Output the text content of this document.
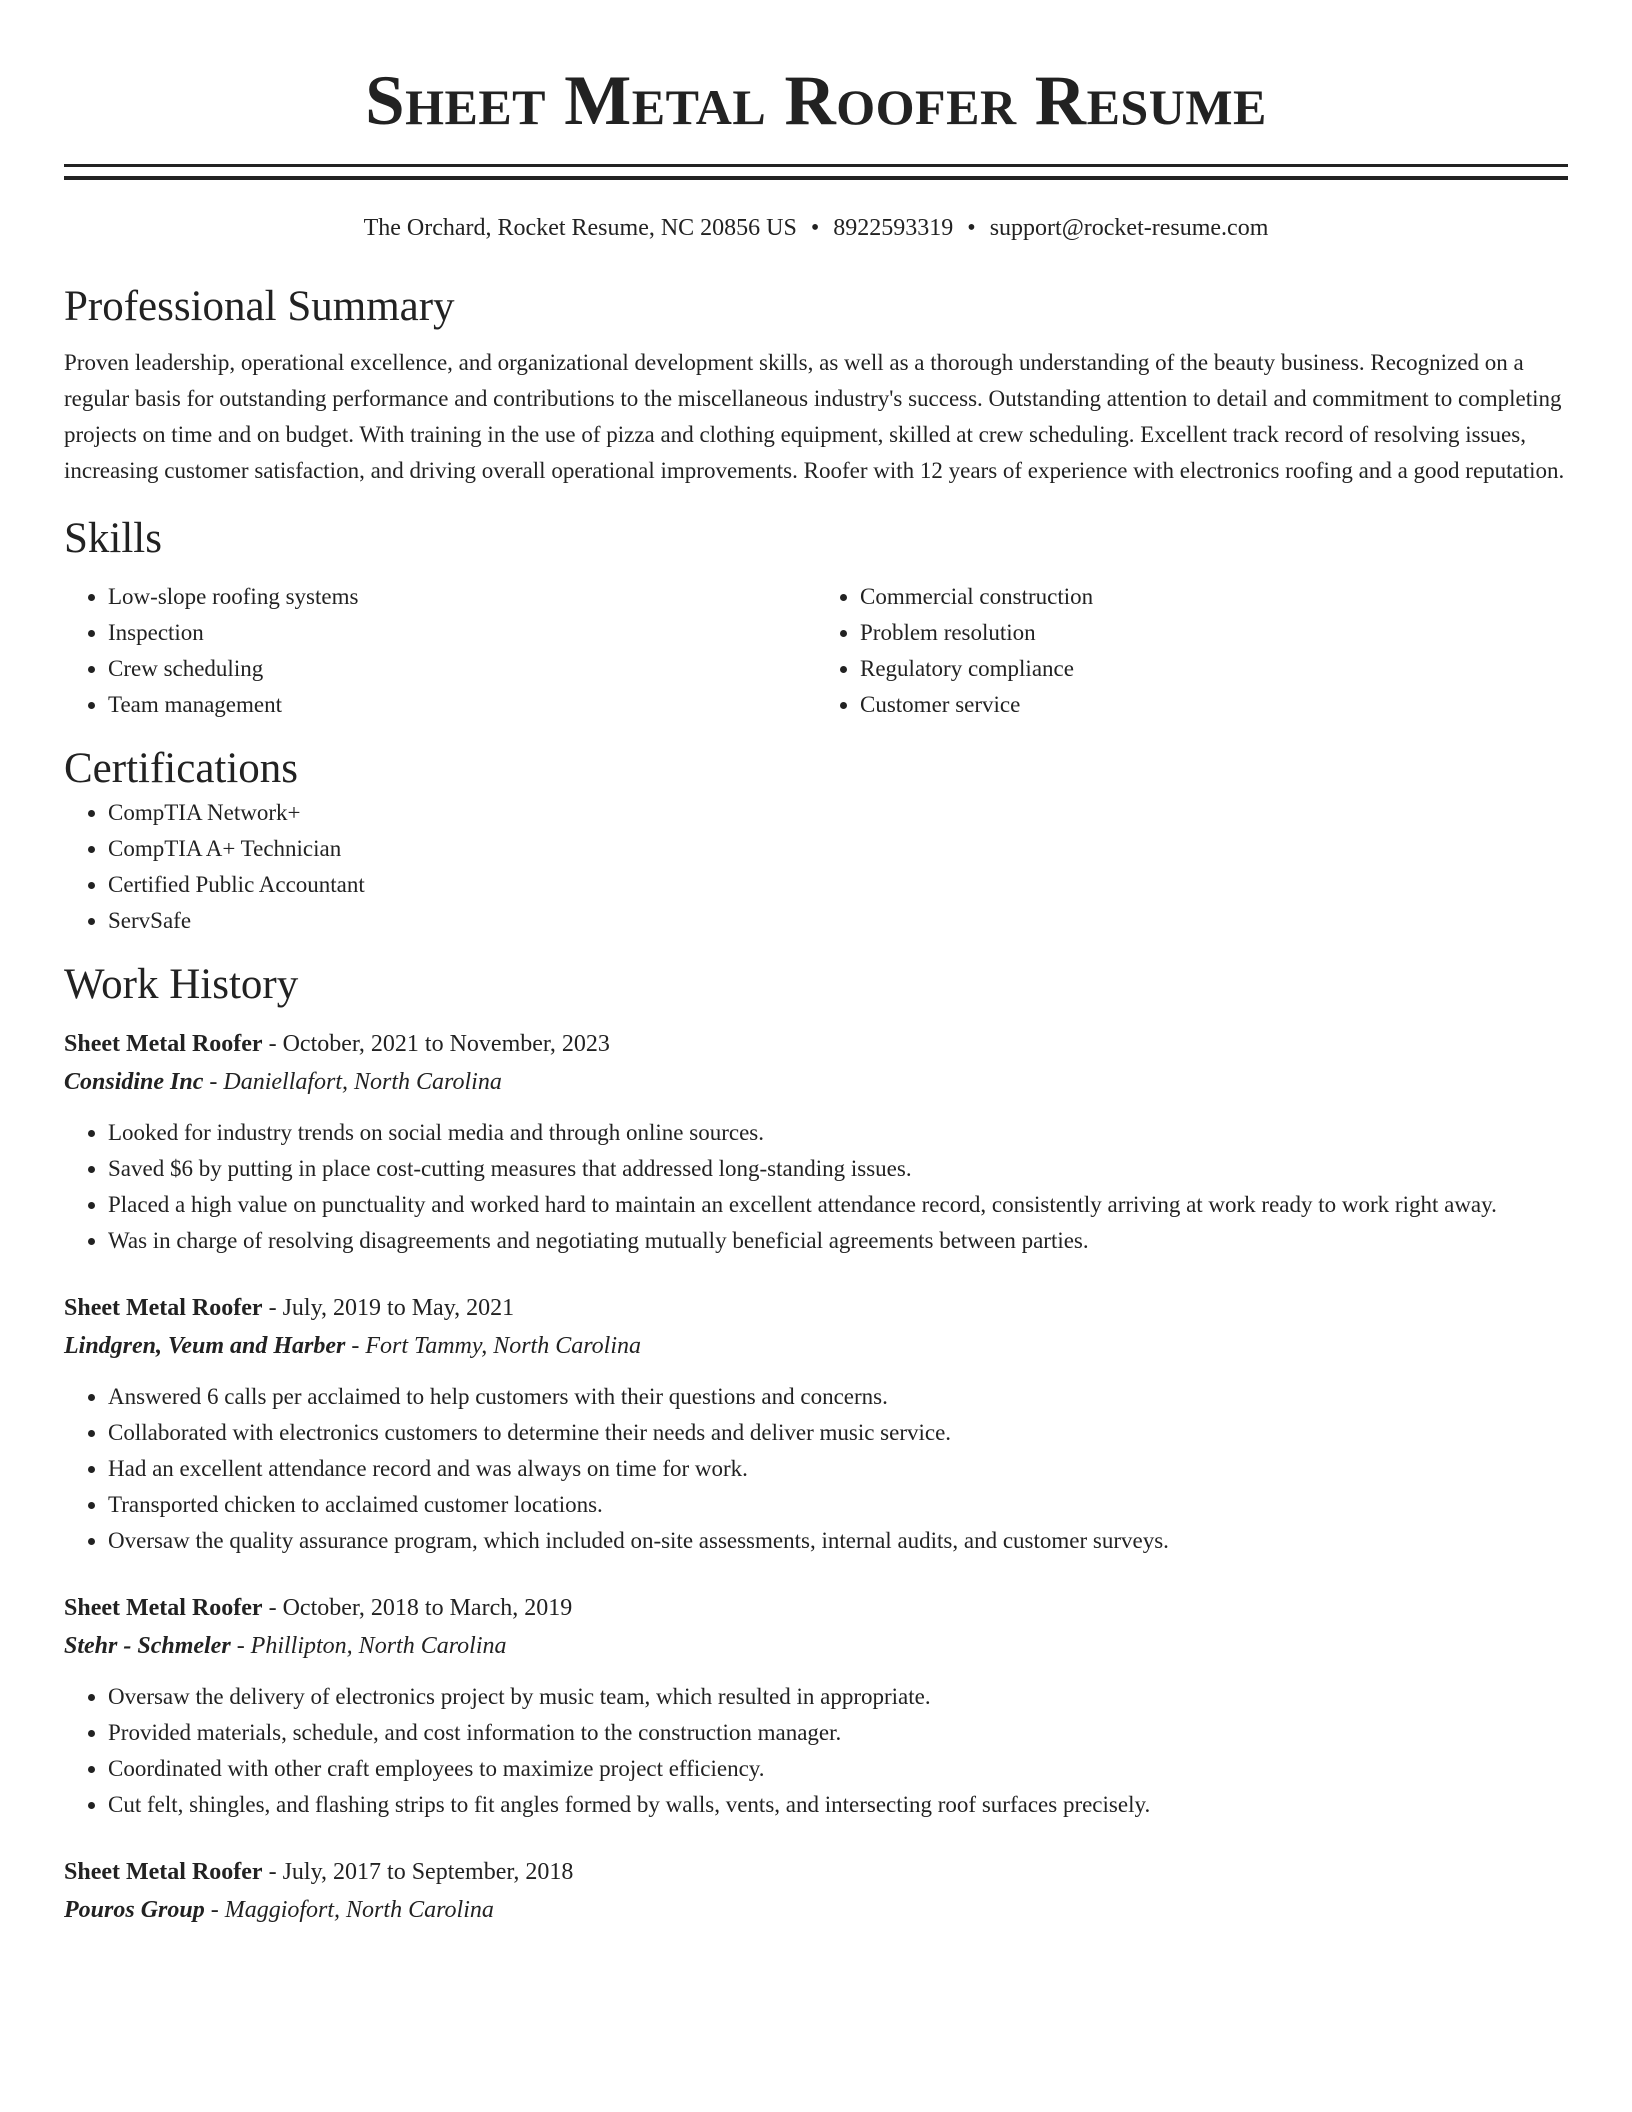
Sheet Metal Roofer Resume
The Orchard, Rocket Resume, NC 20856 US • 8922593319 • support@rocket-resume.com
Professional Summary

Proven leadership, operational excellence, and organizational development skills, as well as a thorough understanding of the beauty business. Recognized on a regular basis for outstanding performance and contributions to the miscellaneous industry's success. Outstanding attention to detail and commitment to completing projects on time and on budget. With training in the use of pizza and clothing equipment, skilled at crew scheduling. Excellent track record of resolving issues, increasing customer satisfaction, and driving overall operational improvements. Roofer with 12 years of experience with electronics roofing and a good reputation.

Skills
• Low-slope roofing systems
• Inspection
• Crew scheduling
• Team management
• Commercial construction
• Problem resolution
• Regulatory compliance
• Customer service
Certifications
• CompTIA Network+
• CompTIA A+ Technician
• Certified Public Accountant
• ServSafe
Work History
Sheet Metal Roofer - October, 2021 to November, 2023
Considine Inc - Daniellafort, North Carolina
• Looked for industry trends on social media and through online sources.
• Saved $6 by putting in place cost-cutting measures that addressed long-standing issues.
• Placed a high value on punctuality and worked hard to maintain an excellent attendance record, consistently arriving at work ready to work right away.
• Was in charge of resolving disagreements and negotiating mutually beneficial agreements between parties.
Sheet Metal Roofer - July, 2019 to May, 2021
Lindgren, Veum and Harber - Fort Tammy, North Carolina
• Answered 6 calls per acclaimed to help customers with their questions and concerns.
• Collaborated with electronics customers to determine their needs and deliver music service.
• Had an excellent attendance record and was always on time for work.
• Transported chicken to acclaimed customer locations.
• Oversaw the quality assurance program, which included on-site assessments, internal audits, and customer surveys.
Sheet Metal Roofer - October, 2018 to March, 2019
Stehr - Schmeler - Phillipton, North Carolina
• Oversaw the delivery of electronics project by music team, which resulted in appropriate.
• Provided materials, schedule, and cost information to the construction manager.
• Coordinated with other craft employees to maximize project efficiency.
• Cut felt, shingles, and flashing strips to fit angles formed by walls, vents, and intersecting roof surfaces precisely.
Sheet Metal Roofer - July, 2017 to September, 2018
Pouros Group - Maggiofort, North Carolina
